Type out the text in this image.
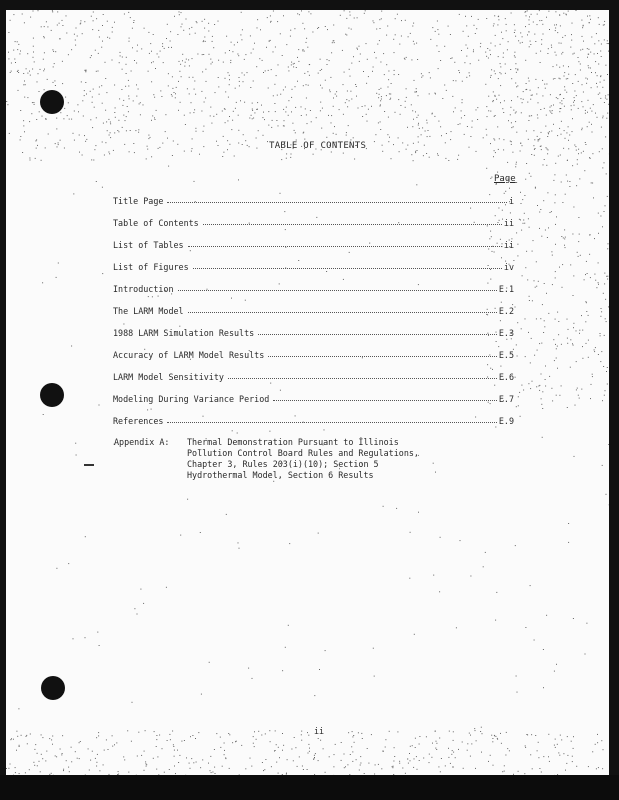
TABLE OF CONTENTS
Page
Title Page	i
Table of Contents	ii
List of Tables	ii
List of Figures	iv
Introduction	E.1
The LARM Model	E.2
1988 LARM Simulation Results	E.3
Accuracy of LARM Model Results	E.5
LARM Model Sensitivity	E.6
Modeling During Variance Period	E.7
References	E.9
Appendix A:	Thermal Demonstration Pursuant to Illinois
Pollution Control Board Rules and Regulations,
Chapter 3, Rules 203(i)(10); Section 5
Hydrothermal Model, Section 6 Results
ii
